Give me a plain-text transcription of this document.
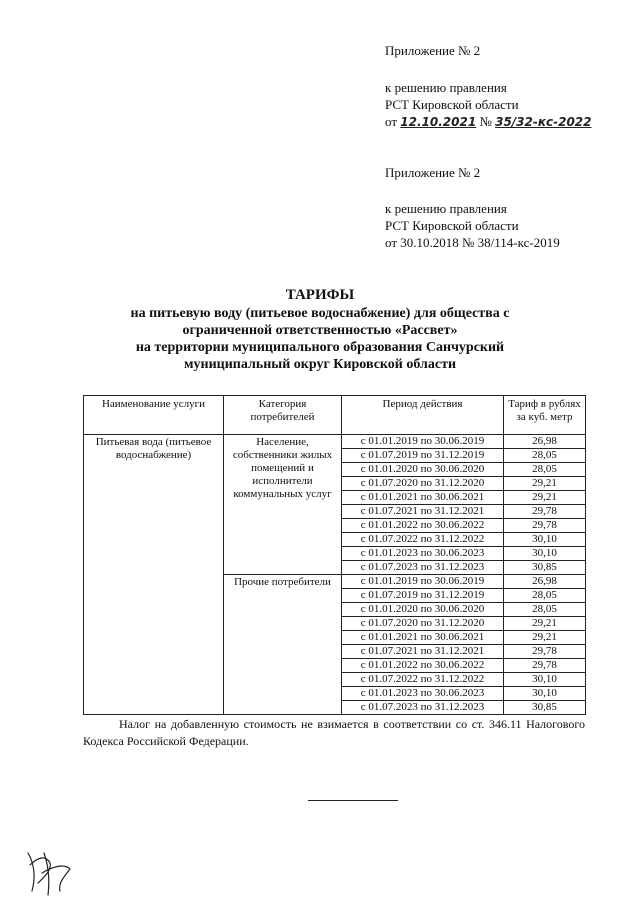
Приложение № 2
к решению правления
РСТ Кировской области
от 12.10.2021 № 35/32-кс-2022
Приложение № 2
к решению правления
РСТ Кировской области
от 30.10.2018 № 38/114-кс-2019
ТАРИФЫ
на питьевую воду (питьевое водоснабжение) для общества с
ограниченной ответственностью «Рассвет»
на территории муниципального образования Санчурский
муниципальный округ Кировской области
Наименование услуги	Категория потребителей	Период действия	Тариф в рублях за куб. метр
Питьевая вода (питьевое водоснабжение)	Население, собственники жилых помещений и исполнители коммунальных услуг	с 01.01.2019 по 30.06.2019	26,98
		с 01.07.2019 по 31.12.2019	28,05
		с 01.01.2020 по 30.06.2020	28,05
		с 01.07.2020 по 31.12.2020	29,21
		с 01.01.2021 по 30.06.2021	29,21
		с 01.07.2021 по 31.12.2021	29,78
		с 01.01.2022 по 30.06.2022	29,78
		с 01.07.2022 по 31.12.2022	30,10
		с 01.01.2023 по 30.06.2023	30,10
		с 01.07.2023 по 31.12.2023	30,85
	Прочие потребители	с 01.01.2019 по 30.06.2019	26,98
		с 01.07.2019 по 31.12.2019	28,05
		с 01.01.2020 по 30.06.2020	28,05
		с 01.07.2020 по 31.12.2020	29,21
		с 01.01.2021 по 30.06.2021	29,21
		с 01.07.2021 по 31.12.2021	29,78
		с 01.01.2022 по 30.06.2022	29,78
		с 01.07.2022 по 31.12.2022	30,10
		с 01.01.2023 по 30.06.2023	30,10
		с 01.07.2023 по 31.12.2023	30,85
Налог на добавленную стоимость не взимается в соответствии со ст. 346.11 Налогового Кодекса Российской Федерации.
